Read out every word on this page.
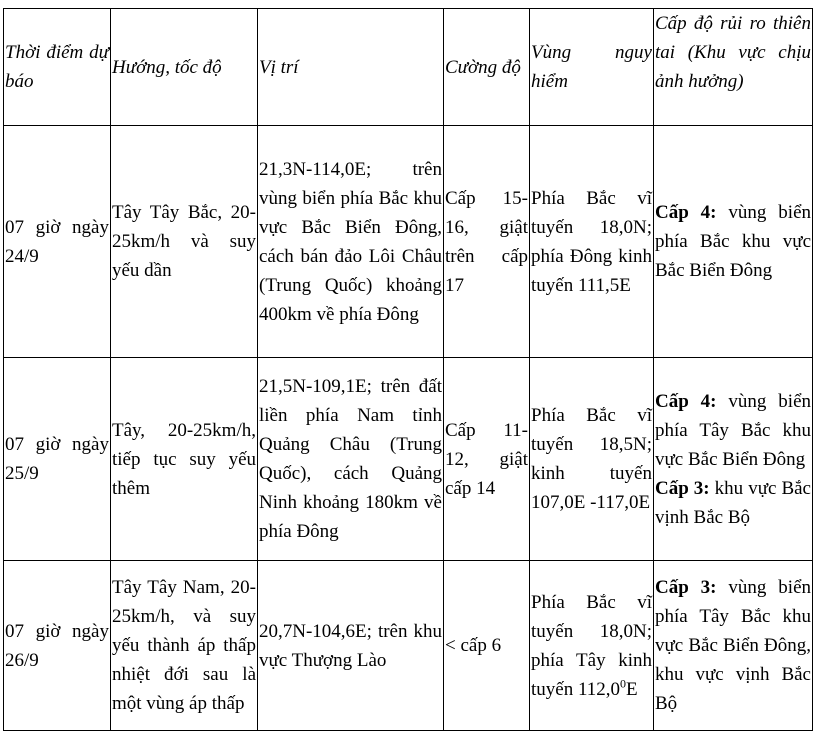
Thời điểm dự báo	Hướng, tốc độ	Vị trí	Cường độ	Vùng nguy hiểm	Cấp độ rủi ro thiên tai (Khu vực chịu ảnh hưởng)

07 giờ ngày 24/9	Tây Tây Bắc, 20-25km/h và suy yếu dần	21,3N-114,0E; trên vùng biển phía Bắc khu vực Bắc Biển Đông, cách bán đảo Lôi Châu (Trung Quốc) khoảng 400km về phía Đông	Cấp 15-16, giật trên cấp 17	Phía Bắc vĩ tuyến 18,0N; phía Đông kinh tuyến 111,5E	Cấp 4: vùng biển phía Bắc khu vực Bắc Biển Đông

07 giờ ngày 25/9	Tây, 20-25km/h, tiếp tục suy yếu thêm	21,5N-109,1E; trên đất liền phía Nam tỉnh Quảng Châu (Trung Quốc), cách Quảng Ninh khoảng 180km về phía Đông	Cấp 11-12, giật cấp 14	Phía Bắc vĩ tuyến 18,5N; kinh tuyến 107,0E -117,0E	Cấp 4: vùng biển phía Tây Bắc khu vực Bắc Biển Đông
Cấp 3: khu vực Bắc vịnh Bắc Bộ

07 giờ ngày 26/9	Tây Tây Nam, 20-25km/h, và suy yếu thành áp thấp nhiệt đới sau là một vùng áp thấp	20,7N-104,6E; trên khu vực Thượng Lào	< cấp 6	Phía Bắc vĩ tuyến 18,0N; phía Tây kinh tuyến 112,0$^0$E	Cấp 3: vùng biển phía Tây Bắc khu vực Bắc Biển Đông, khu vực vịnh Bắc Bộ
